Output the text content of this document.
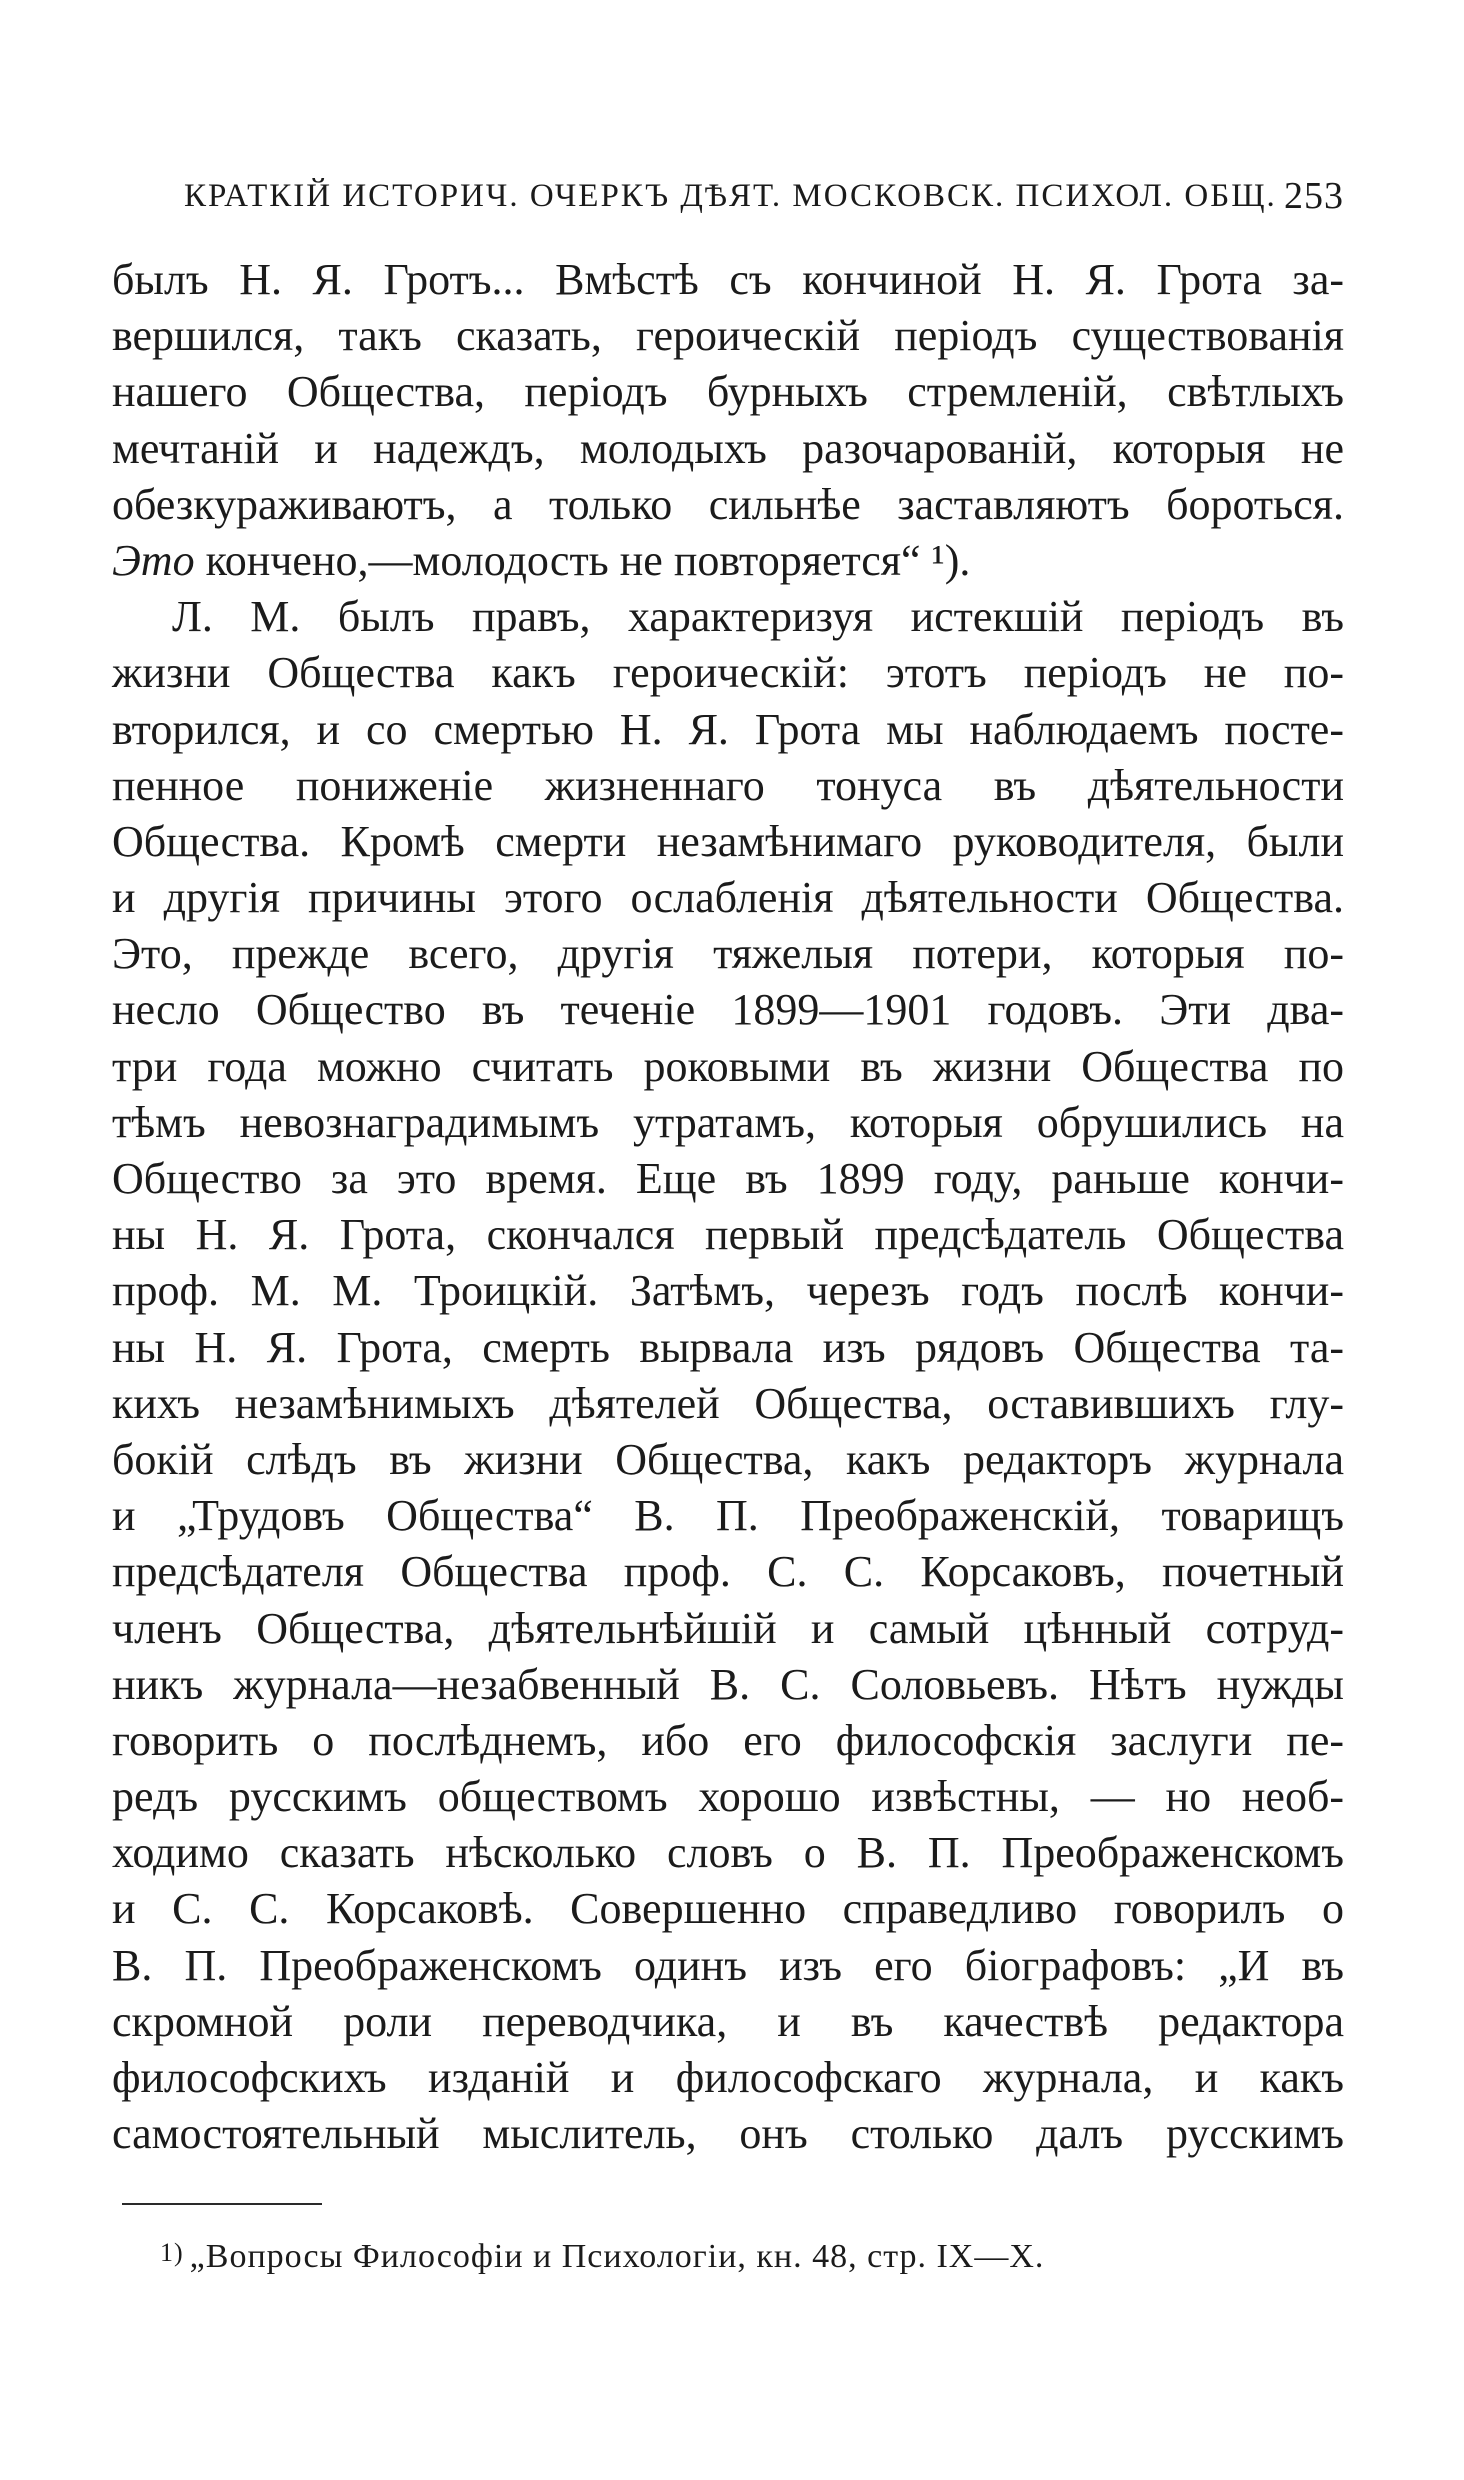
КРАТКІЙ ИСТОРИЧ. ОЧЕРКЪ ДѢЯТ. МОСКОВСК. ПСИХОЛ. ОБЩ. 253
былъ Н. Я. Гротъ... Вмѣстѣ съ кончиной Н. Я. Грота за-
вершился, такъ сказать, героическій періодъ существованія
нашего Общества, періодъ бурныхъ стремленій, свѣтлыхъ
мечтаній и надеждъ, молодыхъ разочарованій, которыя не
обезкураживаютъ, а только сильнѣе заставляютъ бороться.
Это кончено,—молодость не повторяется“ ¹).
Л. М. былъ правъ, характеризуя истекшій періодъ въ
жизни Общества какъ героическій: этотъ періодъ не по-
вторился, и со смертью Н. Я. Грота мы наблюдаемъ посте-
пенное пониженіе жизненнаго тонуса въ дѣятельности
Общества. Кромѣ смерти незамѣнимаго руководителя, были
и другія причины этого ослабленія дѣятельности Общества.
Это, прежде всего, другія тяжелыя потери, которыя по-
несло Общество въ теченіе 1899—1901 годовъ. Эти два-
три года можно считать роковыми въ жизни Общества по
тѣмъ невознаградимымъ утратамъ, которыя обрушились на
Общество за это время. Еще въ 1899 году, раньше кончи-
ны Н. Я. Грота, скончался первый предсѣдатель Общества
проф. М. М. Троицкій. Затѣмъ, черезъ годъ послѣ кончи-
ны Н. Я. Грота, смерть вырвала изъ рядовъ Общества та-
кихъ незамѣнимыхъ дѣятелей Общества, оставившихъ глу-
бокій слѣдъ въ жизни Общества, какъ редакторъ журнала
и „Трудовъ Общества“ В. П. Преображенскій, товарищъ
предсѣдателя Общества проф. С. С. Корсаковъ, почетный
членъ Общества, дѣятельнѣйшій и самый цѣнный сотруд-
никъ журнала—незабвенный В. С. Соловьевъ. Нѣтъ нужды
говорить о послѣднемъ, ибо его философскія заслуги пе-
редъ русскимъ обществомъ хорошо извѣстны, — но необ-
ходимо сказать нѣсколько словъ о В. П. Преображенскомъ
и С. С. Корсаковѣ. Совершенно справедливо говорилъ о
В. П. Преображенскомъ одинъ изъ его біографовъ: „И въ
скромной роли переводчика, и въ качествѣ редактора
философскихъ изданій и философскаго журнала, и какъ
самостоятельный мыслитель, онъ столько далъ русскимъ
$^{1)}$ „Вопросы Философіи и Психологіи, кн. 48, стр. IX—X.
